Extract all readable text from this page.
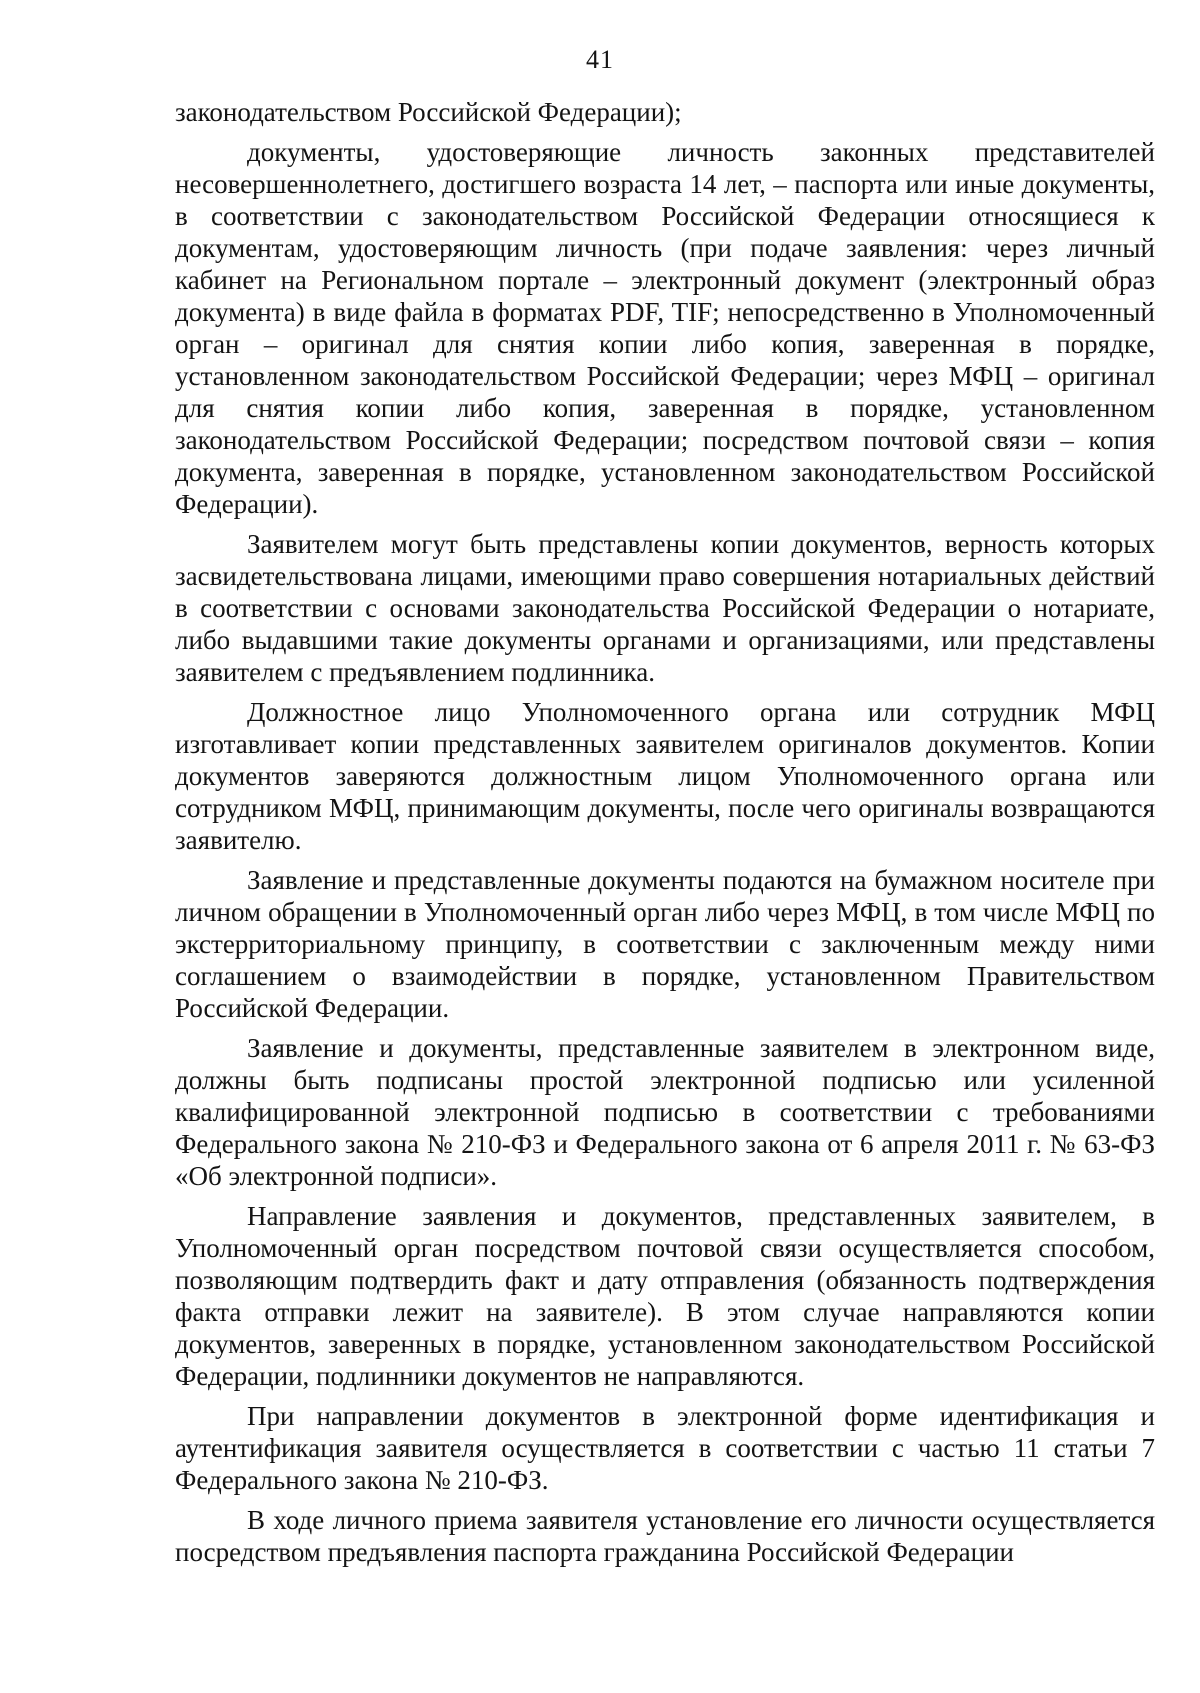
41

законодательством Российской Федерации);

документы, удостоверяющие личность законных представителей несовершеннолетнего, достигшего возраста 14 лет, – паспорта или иные документы, в соответствии с законодательством Российской Федерации относящиеся к документам, удостоверяющим личность (при подаче заявления: через личный кабинет на Региональном портале – электронный документ (электронный образ документа) в виде файла в форматах PDF, TIF; непосредственно в Уполномоченный орган – оригинал для снятия копии либо копия, заверенная в порядке, установленном законодательством Российской Федерации; через МФЦ – оригинал для снятия копии либо копия, заверенная в порядке, установленном законодательством Российской Федерации; посредством почтовой связи – копия документа, заверенная в порядке, установленном законодательством Российской Федерации).

Заявителем могут быть представлены копии документов, верность которых засвидетельствована лицами, имеющими право совершения нотариальных действий в соответствии с основами законодательства Российской Федерации о нотариате, либо выдавшими такие документы органами и организациями, или представлены заявителем с предъявлением подлинника.

Должностное лицо Уполномоченного органа или сотрудник МФЦ изготавливает копии представленных заявителем оригиналов документов. Копии документов заверяются должностным лицом Уполномоченного органа или сотрудником МФЦ, принимающим документы, после чего оригиналы возвращаются заявителю.

Заявление и представленные документы подаются на бумажном носителе при личном обращении в Уполномоченный орган либо через МФЦ, в том числе МФЦ по экстерриториальному принципу, в соответствии с заключенным между ними соглашением о взаимодействии в порядке, установленном Правительством Российской Федерации.

Заявление и документы, представленные заявителем в электронном виде, должны быть подписаны простой электронной подписью или усиленной квалифицированной электронной подписью в соответствии с требованиями Федерального закона № 210-ФЗ и Федерального закона от 6 апреля 2011 г. № 63-ФЗ «Об электронной подписи».

Направление заявления и документов, представленных заявителем, в Уполномоченный орган посредством почтовой связи осуществляется способом, позволяющим подтвердить факт и дату отправления (обязанность подтверждения факта отправки лежит на заявителе). В этом случае направляются копии документов, заверенных в порядке, установленном законодательством Российской Федерации, подлинники документов не направляются.

При направлении документов в электронной форме идентификация и аутентификация заявителя осуществляется в соответствии с частью 11 статьи 7 Федерального закона № 210-ФЗ.

В ходе личного приема заявителя установление его личности осуществляется посредством предъявления паспорта гражданина Российской Федерации
